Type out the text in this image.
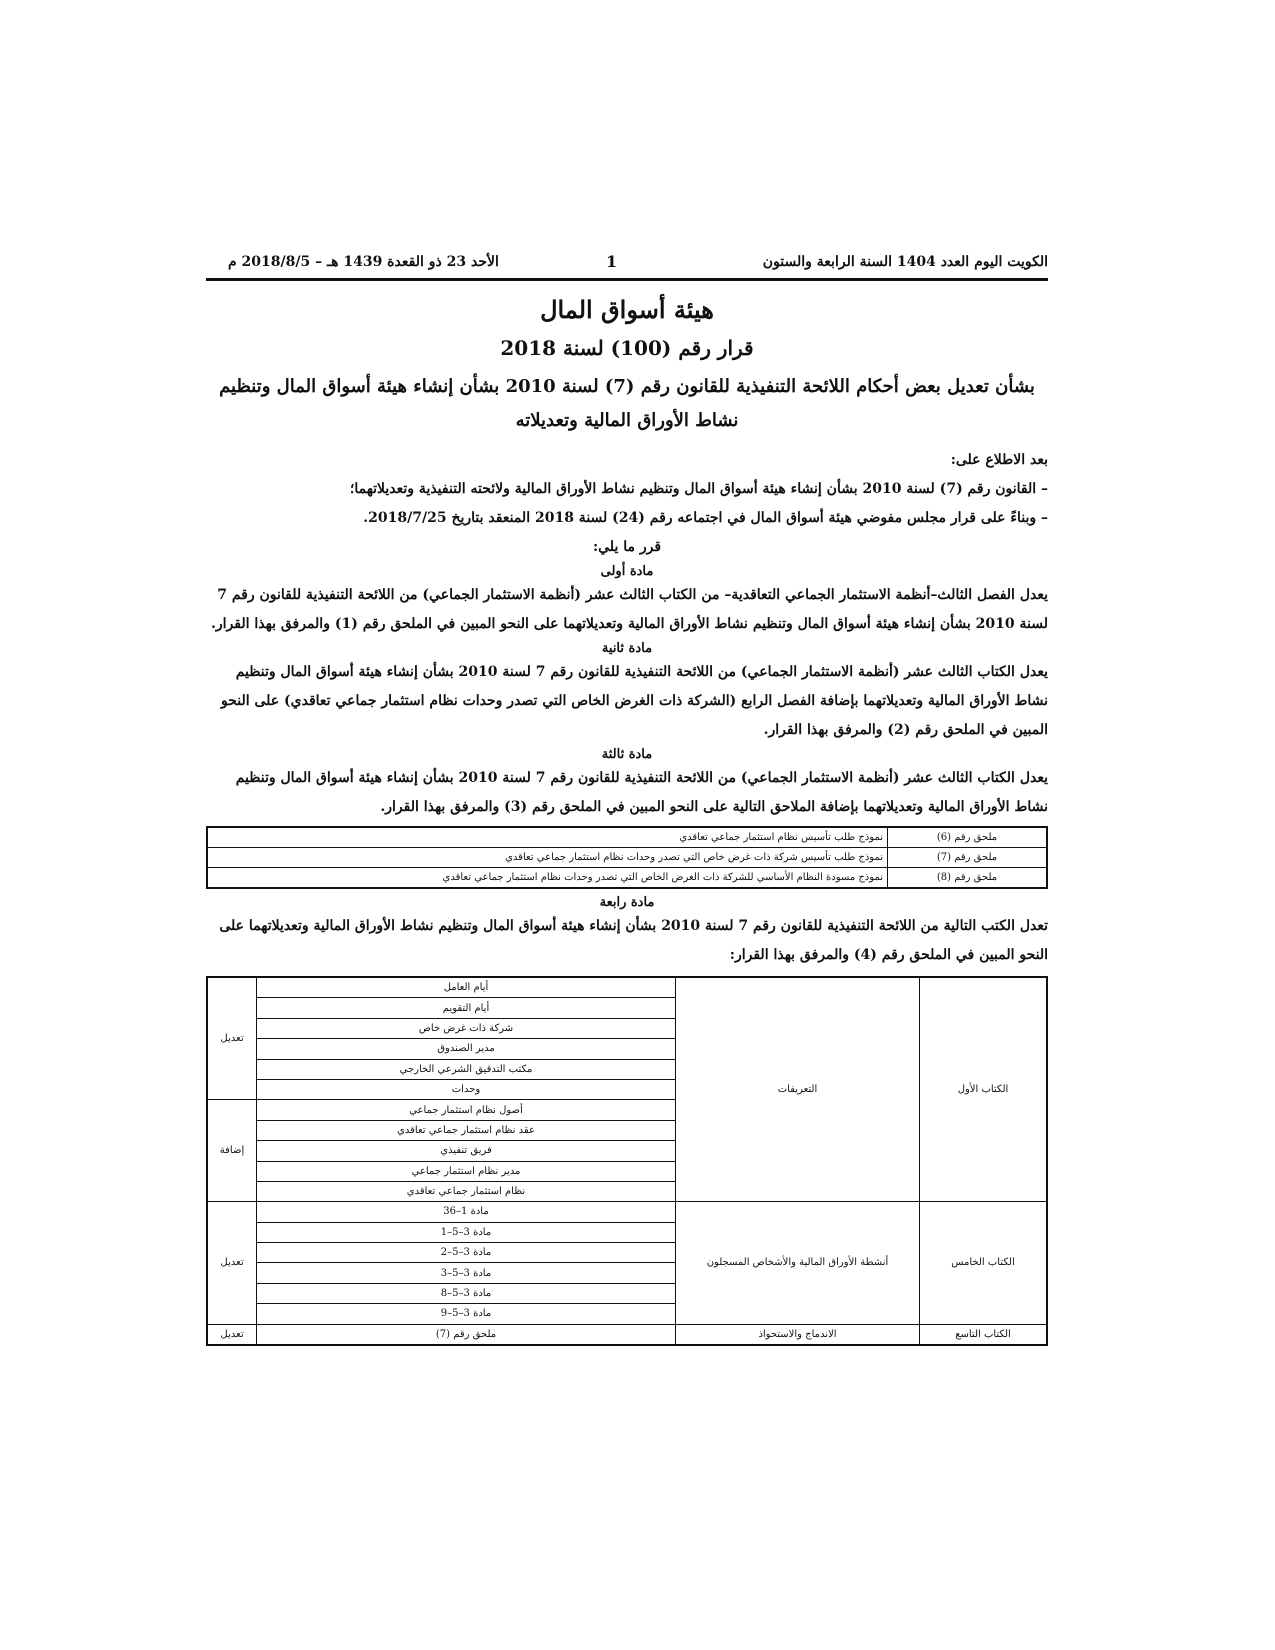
الكويت اليوم العدد 1404 السنة الرابعة والستون
1
الأحد 23 ذو القعدة 1439 هـ – 2018/8/5 م
هيئة أسواق المال
قرار رقم (100) لسنة 2018
بشأن تعديل بعض أحكام اللائحة التنفيذية للقانون رقم (7) لسنة 2010 بشأن إنشاء هيئة أسواق المال وتنظيم نشاط الأوراق المالية وتعديلاته

بعد الاطلاع على:

– القانون رقم (7) لسنة 2010 بشأن إنشاء هيئة أسواق المال وتنظيم نشاط الأوراق المالية ولائحته التنفيذية وتعديلاتهما؛

– وبناءً على قرار مجلس مفوضي هيئة أسواق المال في اجتماعه رقم (24) لسنة 2018 المنعقد بتاريخ 2018/7/25.

قرر ما يلي:

مادة أولى

يعدل الفصل الثالث–أنظمة الاستثمار الجماعي التعاقدية– من الكتاب الثالث عشر (أنظمة الاستثمار الجماعي) من اللائحة التنفيذية للقانون رقم 7 لسنة 2010 بشأن إنشاء هيئة أسواق المال وتنظيم نشاط الأوراق المالية وتعديلاتهما على النحو المبين في الملحق رقم (1) والمرفق بهذا القرار.

مادة ثانية

يعدل الكتاب الثالث عشر (أنظمة الاستثمار الجماعي) من اللائحة التنفيذية للقانون رقم 7 لسنة 2010 بشأن إنشاء هيئة أسواق المال وتنظيم نشاط الأوراق المالية وتعديلاتهما بإضافة الفصل الرابع (الشركة ذات الغرض الخاص التي تصدر وحدات نظام استثمار جماعي تعاقدي) على النحو المبين في الملحق رقم (2) والمرفق بهذا القرار.

مادة ثالثة

يعدل الكتاب الثالث عشر (أنظمة الاستثمار الجماعي) من اللائحة التنفيذية للقانون رقم 7 لسنة 2010 بشأن إنشاء هيئة أسواق المال وتنظيم نشاط الأوراق المالية وتعديلاتهما بإضافة الملاحق التالية على النحو المبين في الملحق رقم (3) والمرفق بهذا القرار.

ملحق رقم (6)	نموذج طلب تأسيس نظام استثمار جماعي تعاقدي
ملحق رقم (7)	نموذج طلب تأسيس شركة ذات غرض خاص التي تصدر وحدات نظام استثمار جماعي تعاقدي
ملحق رقم (8)	نموذج مسودة النظام الأساسي للشركة ذات الغرض الخاص التي تصدر وحدات نظام استثمار جماعي تعاقدي
مادة رابعة

تعدل الكتب التالية من اللائحة التنفيذية للقانون رقم 7 لسنة 2010 بشأن إنشاء هيئة أسواق المال وتنظيم نشاط الأوراق المالية وتعديلاتهما على النحو المبين في الملحق رقم (4) والمرفق بهذا القرار:

الكتاب الأول	التعريفات	أيام العامل	تعديل
		أيام التقويم	
		شركة ذات غرض خاص	
		مدير الصندوق	
		مكتب التدقيق الشرعي الخارجي	
		وحدات	
		أصول نظام استثمار جماعي	إضافة
		عقد نظام استثمار جماعي تعاقدي	
		فريق تنفيذي	
		مدير نظام استثمار جماعي	
		نظام استثمار جماعي تعاقدي	
الكتاب الخامس	أنشطة الأوراق المالية والأشخاص المسجلون	مادة 1–36	تعديل
		مادة 3–5–1	
		مادة 3–5–2	
		مادة 3–5–3	
		مادة 3–5–8	
		مادة 3–5–9	
الكتاب التاسع	الاندماج والاستحواذ	ملحق رقم (7)	تعديل
